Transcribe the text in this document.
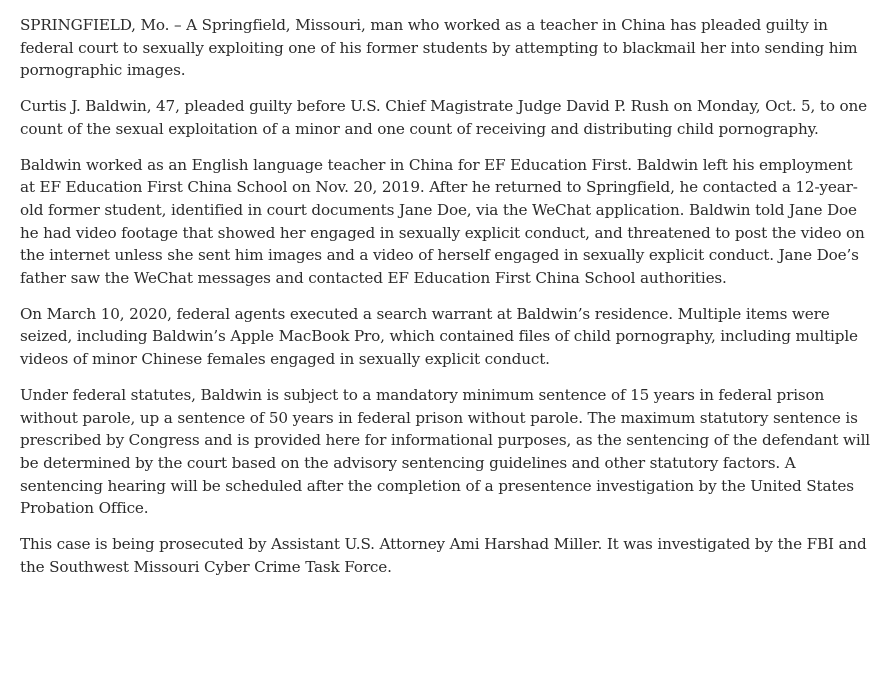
SPRINGFIELD, Mo. – A Springfield, Missouri, man who worked as a teacher in China has pleaded guilty in federal court to sexually exploiting one of his former students by attempting to blackmail her into sending him pornographic images.

Curtis J. Baldwin, 47, pleaded guilty before U.S. Chief Magistrate Judge David P. Rush on Monday, Oct. 5, to one count of the sexual exploitation of a minor and one count of receiving and distributing child pornography.

Baldwin worked as an English language teacher in China for EF Education First. Baldwin left his employment at EF Education First China School on Nov. 20, 2019. After he returned to Springfield, he contacted a 12-year-old former student, identified in court documents Jane Doe, via the WeChat application. Baldwin told Jane Doe he had video footage that showed her engaged in sexually explicit conduct, and threatened to post the video on the internet unless she sent him images and a video of herself engaged in sexually explicit conduct. Jane Doe’s father saw the WeChat messages and contacted EF Education First China School authorities.

On March 10, 2020, federal agents executed a search warrant at Baldwin’s residence. Multiple items were seized, including Baldwin’s Apple MacBook Pro, which contained files of child pornography, including multiple videos of minor Chinese females engaged in sexually explicit conduct.

Under federal statutes, Baldwin is subject to a mandatory minimum sentence of 15 years in federal prison without parole, up a sentence of 50 years in federal prison without parole. The maximum statutory sentence is prescribed by Congress and is provided here for informational purposes, as the sentencing of the defendant will be determined by the court based on the advisory sentencing guidelines and other statutory factors. A sentencing hearing will be scheduled after the completion of a presentence investigation by the United States Probation Office.

This case is being prosecuted by Assistant U.S. Attorney Ami Harshad Miller. It was investigated by the FBI and the Southwest Missouri Cyber Crime Task Force.
